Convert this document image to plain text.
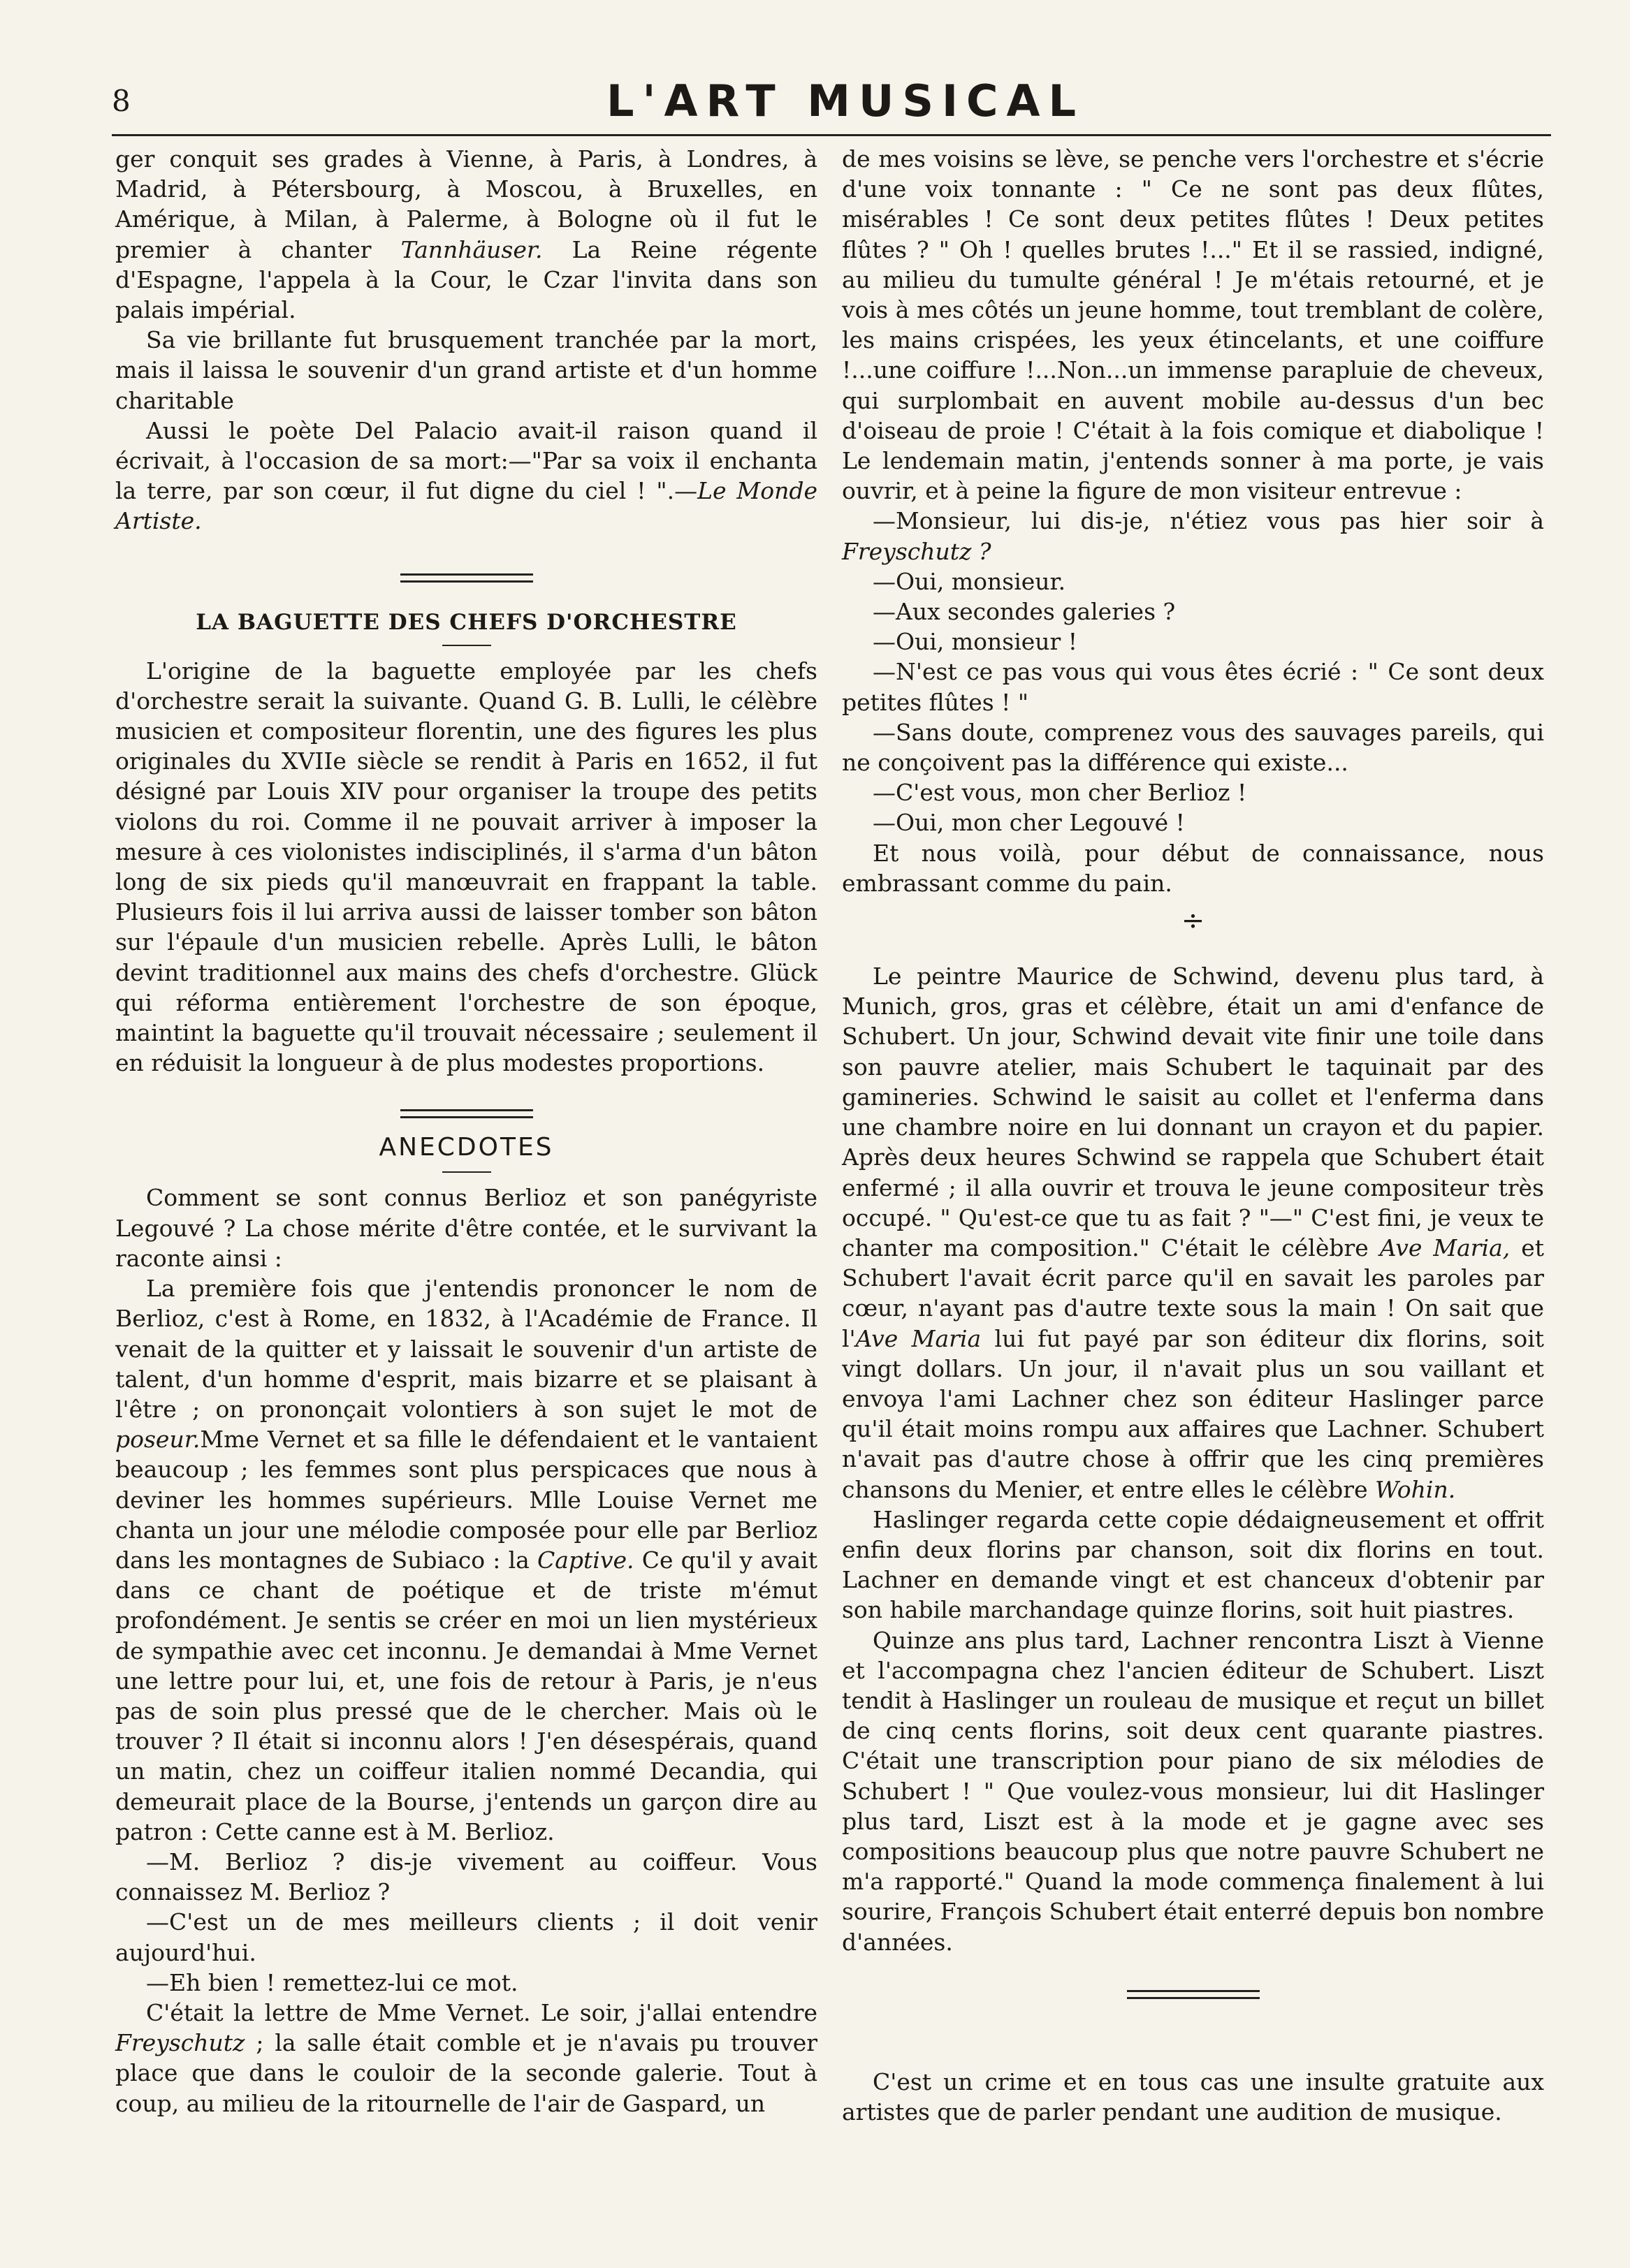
8	L'ART MUSICAL

ger conquit ses grades à Vienne, à Paris, à Londres, à Madrid, à Pétersbourg, à Moscou, à Bruxelles, en Amérique, à Milan, à Palerme, à Bologne où il fut le premier à chanter Tannhäuser. La Reine régente d'Espagne, l'appela à la Cour, le Czar l'invita dans son palais impérial.

Sa vie brillante fut brusquement tranchée par la mort, mais il laissa le souvenir d'un grand artiste et d'un homme charitable

Aussi le poète Del Palacio avait-il raison quand il écrivait, à l'occasion de sa mort:—"Par sa voix il enchanta la terre, par son cœur, il fut digne du ciel ! ".—Le Monde Artiste.

LA BAGUETTE DES CHEFS D'ORCHESTRE

L'origine de la baguette employée par les chefs d'orchestre serait la suivante. Quand G. B. Lulli, le célèbre musicien et compositeur florentin, une des figures les plus originales du XVIIe siècle se rendit à Paris en 1652, il fut désigné par Louis XIV pour organiser la troupe des petits violons du roi. Comme il ne pouvait arriver à imposer la mesure à ces violonistes indisciplinés, il s'arma d'un bâton long de six pieds qu'il manœuvrait en frappant la table. Plusieurs fois il lui arriva aussi de laisser tomber son bâton sur l'épaule d'un musicien rebelle. Après Lulli, le bâton devint traditionnel aux mains des chefs d'orchestre. Glück qui réforma entièrement l'orchestre de son époque, maintint la baguette qu'il trouvait nécessaire ; seulement il en réduisit la longueur à de plus modestes proportions.

ANECDOTES

Comment se sont connus Berlioz et son panégyriste Legouvé ? La chose mérite d'être contée, et le survivant la raconte ainsi :

La première fois que j'entendis prononcer le nom de Berlioz, c'est à Rome, en 1832, à l'Académie de France. Il venait de la quitter et y laissait le souvenir d'un artiste de talent, d'un homme d'esprit, mais bizarre et se plaisant à l'être ; on prononçait volontiers à son sujet le mot de poseur.Mme Vernet et sa fille le défendaient et le vantaient beaucoup ; les femmes sont plus perspicaces que nous à deviner les hommes supérieurs. Mlle Louise Vernet me chanta un jour une mélodie composée pour elle par Berlioz dans les montagnes de Subiaco : la Captive. Ce qu'il y avait dans ce chant de poétique et de triste m'émut profondément. Je sentis se créer en moi un lien mystérieux de sympathie avec cet inconnu. Je demandai à Mme Vernet une lettre pour lui, et, une fois de retour à Paris, je n'eus pas de soin plus pressé que de le chercher. Mais où le trouver ? Il était si inconnu alors ! J'en désespérais, quand un matin, chez un coiffeur italien nommé Decandia, qui demeurait place de la Bourse, j'entends un garçon dire au patron : Cette canne est à M. Berlioz.

—M. Berlioz ? dis-je vivement au coiffeur. Vous connaissez M. Berlioz ?

—C'est un de mes meilleurs clients ; il doit venir aujourd'hui.

—Eh bien ! remettez-lui ce mot.

C'était la lettre de Mme Vernet. Le soir, j'allai entendre Freyschutz ; la salle était comble et je n'avais pu trouver place que dans le couloir de la seconde galerie. Tout à coup, au milieu de la ritournelle de l'air de Gaspard, un

de mes voisins se lève, se penche vers l'orchestre et s'écrie d'une voix tonnante : " Ce ne sont pas deux flûtes, misérables ! Ce sont deux petites flûtes ! Deux petites flûtes ? " Oh ! quelles brutes !..." Et il se rassied, indigné, au milieu du tumulte général ! Je m'étais retourné, et je vois à mes côtés un jeune homme, tout tremblant de colère, les mains crispées, les yeux étincelants, et une coiffure !...une coiffure !...Non...un immense parapluie de cheveux, qui surplombait en auvent mobile au-dessus d'un bec d'oiseau de proie ! C'était à la fois comique et diabolique ! Le lendemain matin, j'entends sonner à ma porte, je vais ouvrir, et à peine la figure de mon visiteur entrevue :

—Monsieur, lui dis-je, n'étiez vous pas hier soir à Freyschutz ?

—Oui, monsieur.

—Aux secondes galeries ?

—Oui, monsieur !

—N'est ce pas vous qui vous êtes écrié : " Ce sont deux petites flûtes ! "

—Sans doute, comprenez vous des sauvages pareils, qui ne conçoivent pas la différence qui existe...

—C'est vous, mon cher Berlioz !

—Oui, mon cher Legouvé !

Et nous voilà, pour début de connaissance, nous embrassant comme du pain.

÷

Le peintre Maurice de Schwind, devenu plus tard, à Munich, gros, gras et célèbre, était un ami d'enfance de Schubert. Un jour, Schwind devait vite finir une toile dans son pauvre atelier, mais Schubert le taquinait par des gamineries. Schwind le saisit au collet et l'enferma dans une chambre noire en lui donnant un crayon et du papier. Après deux heures Schwind se rappela que Schubert était enfermé ; il alla ouvrir et trouva le jeune compositeur très occupé. " Qu'est-ce que tu as fait ? "—" C'est fini, je veux te chanter ma composition." C'était le célèbre Ave Maria, et Schubert l'avait écrit parce qu'il en savait les paroles par cœur, n'ayant pas d'autre texte sous la main ! On sait que l'Ave Maria lui fut payé par son éditeur dix florins, soit vingt dollars. Un jour, il n'avait plus un sou vaillant et envoya l'ami Lachner chez son éditeur Haslinger parce qu'il était moins rompu aux affaires que Lachner. Schubert n'avait pas d'autre chose à offrir que les cinq premières chansons du Menier, et entre elles le célèbre Wohin.

Haslinger regarda cette copie dédaigneusement et offrit enfin deux florins par chanson, soit dix florins en tout. Lachner en demande vingt et est chanceux d'obtenir par son habile marchandage quinze florins, soit huit piastres.

Quinze ans plus tard, Lachner rencontra Liszt à Vienne et l'accompagna chez l'ancien éditeur de Schubert. Liszt tendit à Haslinger un rouleau de musique et reçut un billet de cinq cents florins, soit deux cent quarante piastres. C'était une transcription pour piano de six mélodies de Schubert ! " Que voulez-vous monsieur, lui dit Haslinger plus tard, Liszt est à la mode et je gagne avec ses compositions beaucoup plus que notre pauvre Schubert ne m'a rapporté." Quand la mode commença finalement à lui sourire, François Schubert était enterré depuis bon nombre d'années.

C'est un crime et en tous cas une insulte gratuite aux artistes que de parler pendant une audition de musique.
